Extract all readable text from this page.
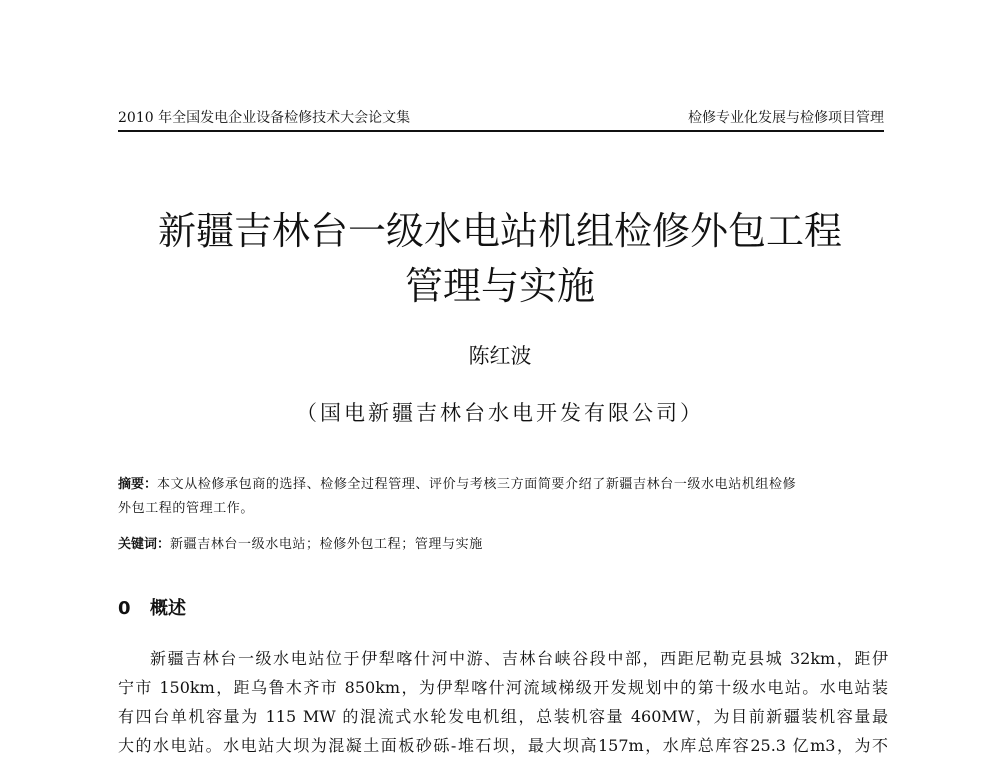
2010 年全国发电企业设备检修技术大会论文集	检修专业化发展与检修项目管理
新疆吉林台一级水电站机组检修外包工程
管理与实施
陈红波
（国电新疆吉林台水电开发有限公司）
摘要：本文从检修承包商的选择、检修全过程管理、评价与考核三方面简要介绍了新疆吉林台一级水电站机组检修
外包工程的管理工作。
关键词：新疆吉林台一级水电站；检修外包工程；管理与实施
0 概述
新疆吉林台一级水电站位于伊犁喀什河中游、吉林台峡谷段中部，西距尼勒克县城 32km，距伊
宁市 150km，距乌鲁木齐市 850km，为伊犁喀什河流域梯级开发规划中的第十级水电站。水电站装
有四台单机容量为 115 MW 的混流式水轮发电机组，总装机容量 460MW，为目前新疆装机容量最
大的水电站。水电站大坝为混凝土面板砂砾-堆石坝，最大坝高157m，水库总库容25.3 亿m3，为不
